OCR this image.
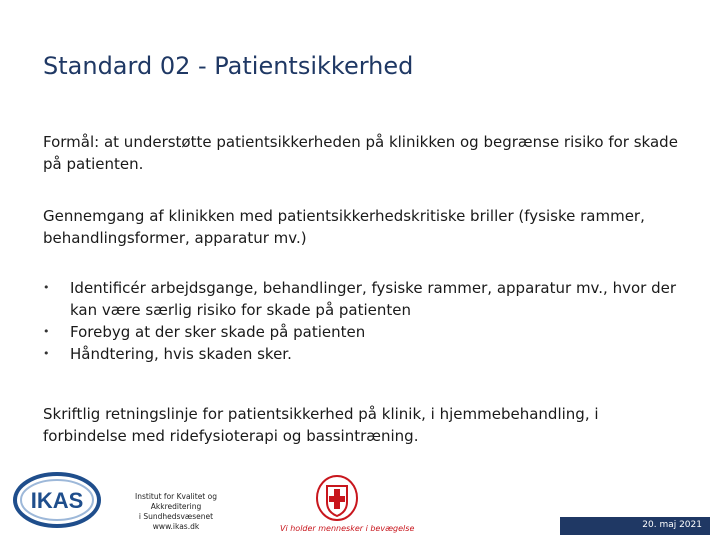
Standard 02 - Patientsikkerhed
Formål: at understøtte patientsikkerheden på klinikken og begrænse risiko for skade på patienten.
Gennemgang af klinikken med patientsikkerhedskritiske briller (fysiske rammer, behandlingsformer, apparatur mv.)
• Identificér arbejdsgange, behandlinger, fysiske rammer, apparatur mv., hvor der kan være særlig risiko for skade på patienten
• Forebyg at der sker skade på patienten
• Håndtering, hvis skaden sker.
Skriftlig retningslinje for patientsikkerhed på klinik, i hjemmebehandling, i forbindelse med ridefysioterapi og bassintræning.
IKAS	Institut for Kvalitet og Akkreditering
i Sundhedsvæsenet
www.ikas.dk	Vi holder mennesker i bevægelse	20. maj 2021
